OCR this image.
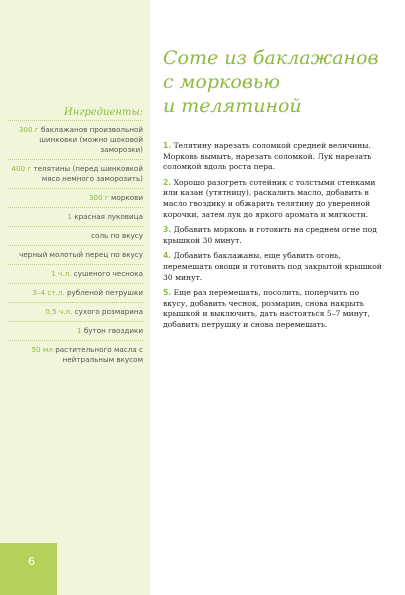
6
Ингредиенты:
300 г баклажанов произвольной шинковки (можно шоковой заморозки)
400 г телятины (перед шинковкой мясо немного заморозить)
300 г моркови
1 красная луковица
соль по вкусу
черный молотый перец по вкусу
1 ч.л. сушеного чеснока
3–4 ст.л. рубленой петрушки
0,5 ч.л. сухого розмарина
1 бутон гвоздики
50 мл растительного масла с нейтральным вкусом
Соте из баклажанов
с морковью
и телятиной

1. Телятину нарезать соломкой средней величины. Морковь вымыть, нарезать соломкой. Лук нарезать соломкой вдоль роста пера.

2. Хорошо разогреть сотейник с толстыми стенками или казан (утятницу), раскалить масло, добавить в масло гвоздику и обжарить телятину до уверенной корочки, затем лук до яркого аромата и мягкости.

3. Добавить морковь и готовить на среднем огне под крышкой 30 минут.

4. Добавить баклажаны, еще убавить огонь, перемешать овощи и готовить под закрытой крышкой 30 минут.

5. Еще раз перемешать, посолить, поперчить по вкусу, добавить чеснок, розмарин, снова накрыть крышкой и выключить, дать настояться 5–7 минут, добавить петрушку и снова перемешать.
